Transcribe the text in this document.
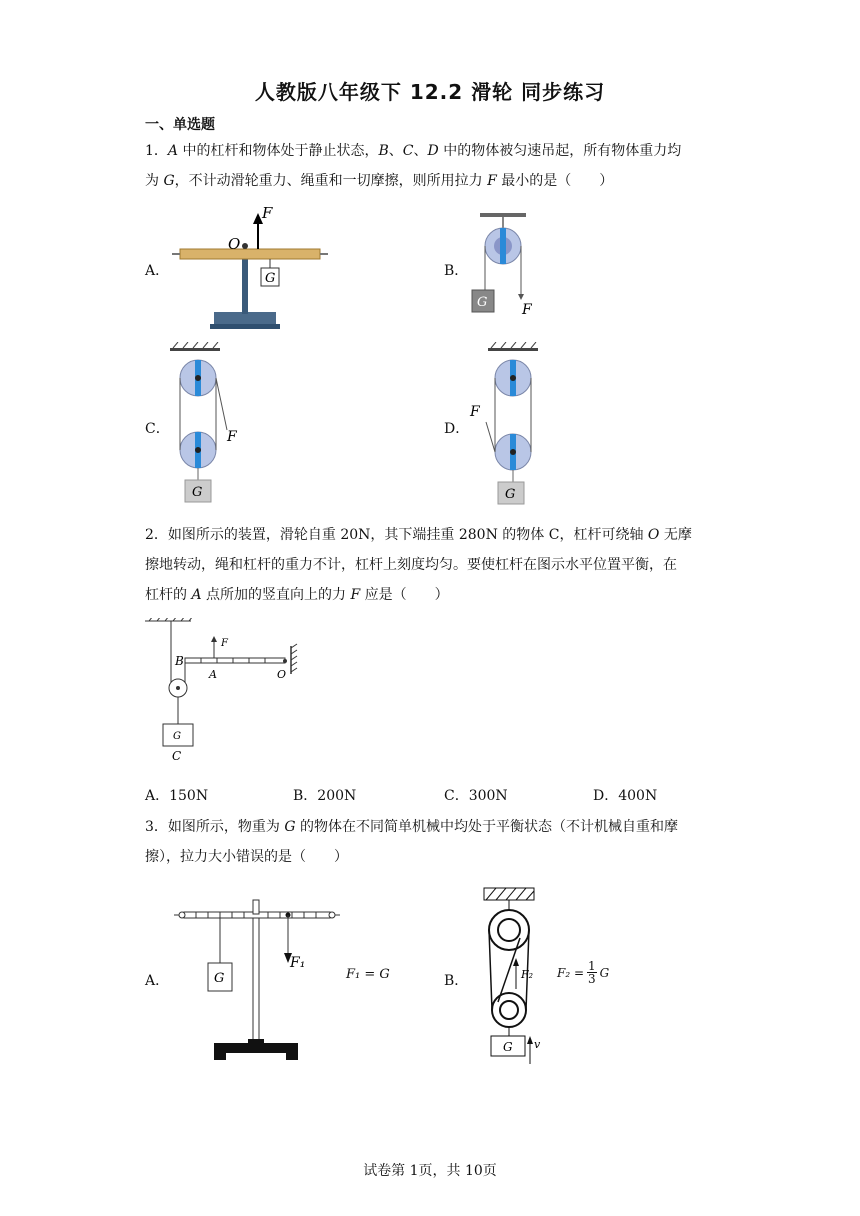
人教版八年级下 12.2 滑轮 同步练习
一、单选题
1．A 中的杠杆和物体处于静止状态，B、C、D 中的物体被匀速吊起，所有物体重力均
为 G，不计动滑轮重力、绳重和一切摩擦，则所用拉力 F 最小的是（　　）
A．	B．
C．	D．
F
O
G
G F
G
F
F
G
2．如图所示的装置，滑轮自重 20N，其下端挂重 280N 的物体 C，杠杆可绕轴 O 无摩
擦地转动，绳和杠杆的重力不计，杠杆上刻度均匀。要使杠杆在图示水平位置平衡，在
杠杆的 A 点所加的竖直向上的力 F 应是（　　）
F
B
A	O
G
C
A．150N	B．200N	C．300N	D．400N
3．如图所示，物重为 G 的物体在不同简单机械中均处于平衡状态（不计机械自重和摩
擦），拉力大小错误的是（　　）
A．	B．
G
F₁
F₁ = G	F₂
G v
$F_2 = \frac{1}{3}$ G
试卷第 1页，共 10页
